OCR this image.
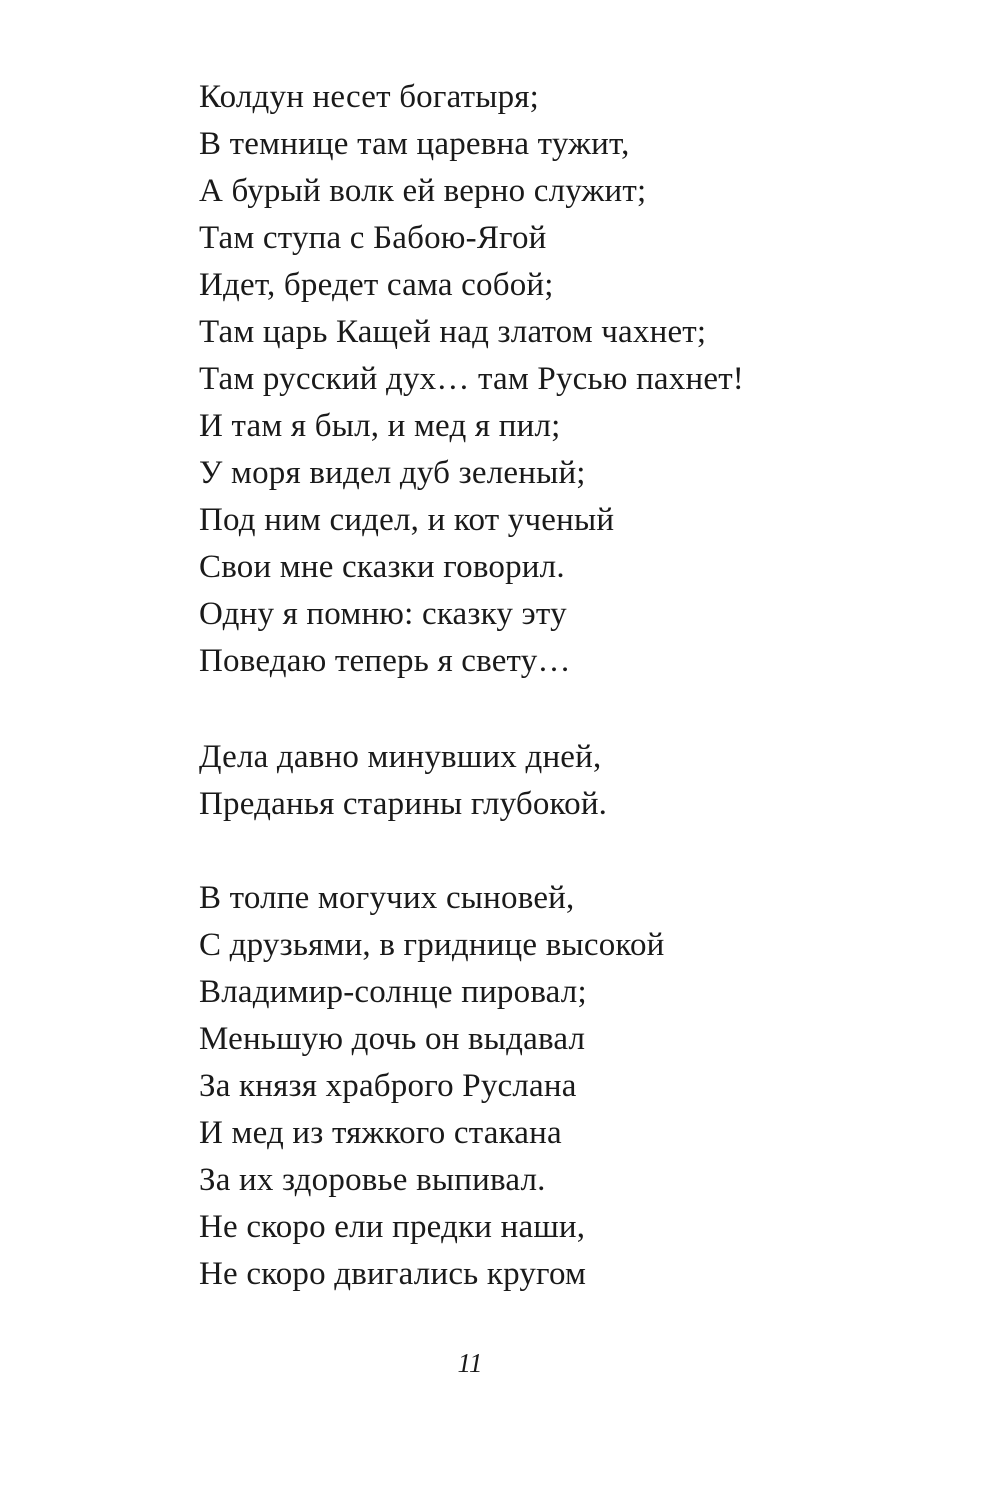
Колдун несет богатыря;
В темнице там царевна тужит,
А бурый волк ей верно служит;
Там ступа с Бабою-Ягой
Идет, бредет сама собой;
Там царь Кащей над златом чахнет;
Там русский дух… там Русью пахнет!
И там я был, и мед я пил;
У моря видел дуб зеленый;
Под ним сидел, и кот ученый
Свои мне сказки говорил.
Одну я помню: сказку эту
Поведаю теперь я свету…
Дела давно минувших дней,
Преданья старины глубокой.
В толпе могучих сыновей,
С друзьями, в гриднице высокой
Владимир-солнце пировал;
Меньшую дочь он выдавал
За князя храброго Руслана
И мед из тяжкого стакана
За их здоровье выпивал.
Не скоро ели предки наши,
Не скоро двигались кругом
11
